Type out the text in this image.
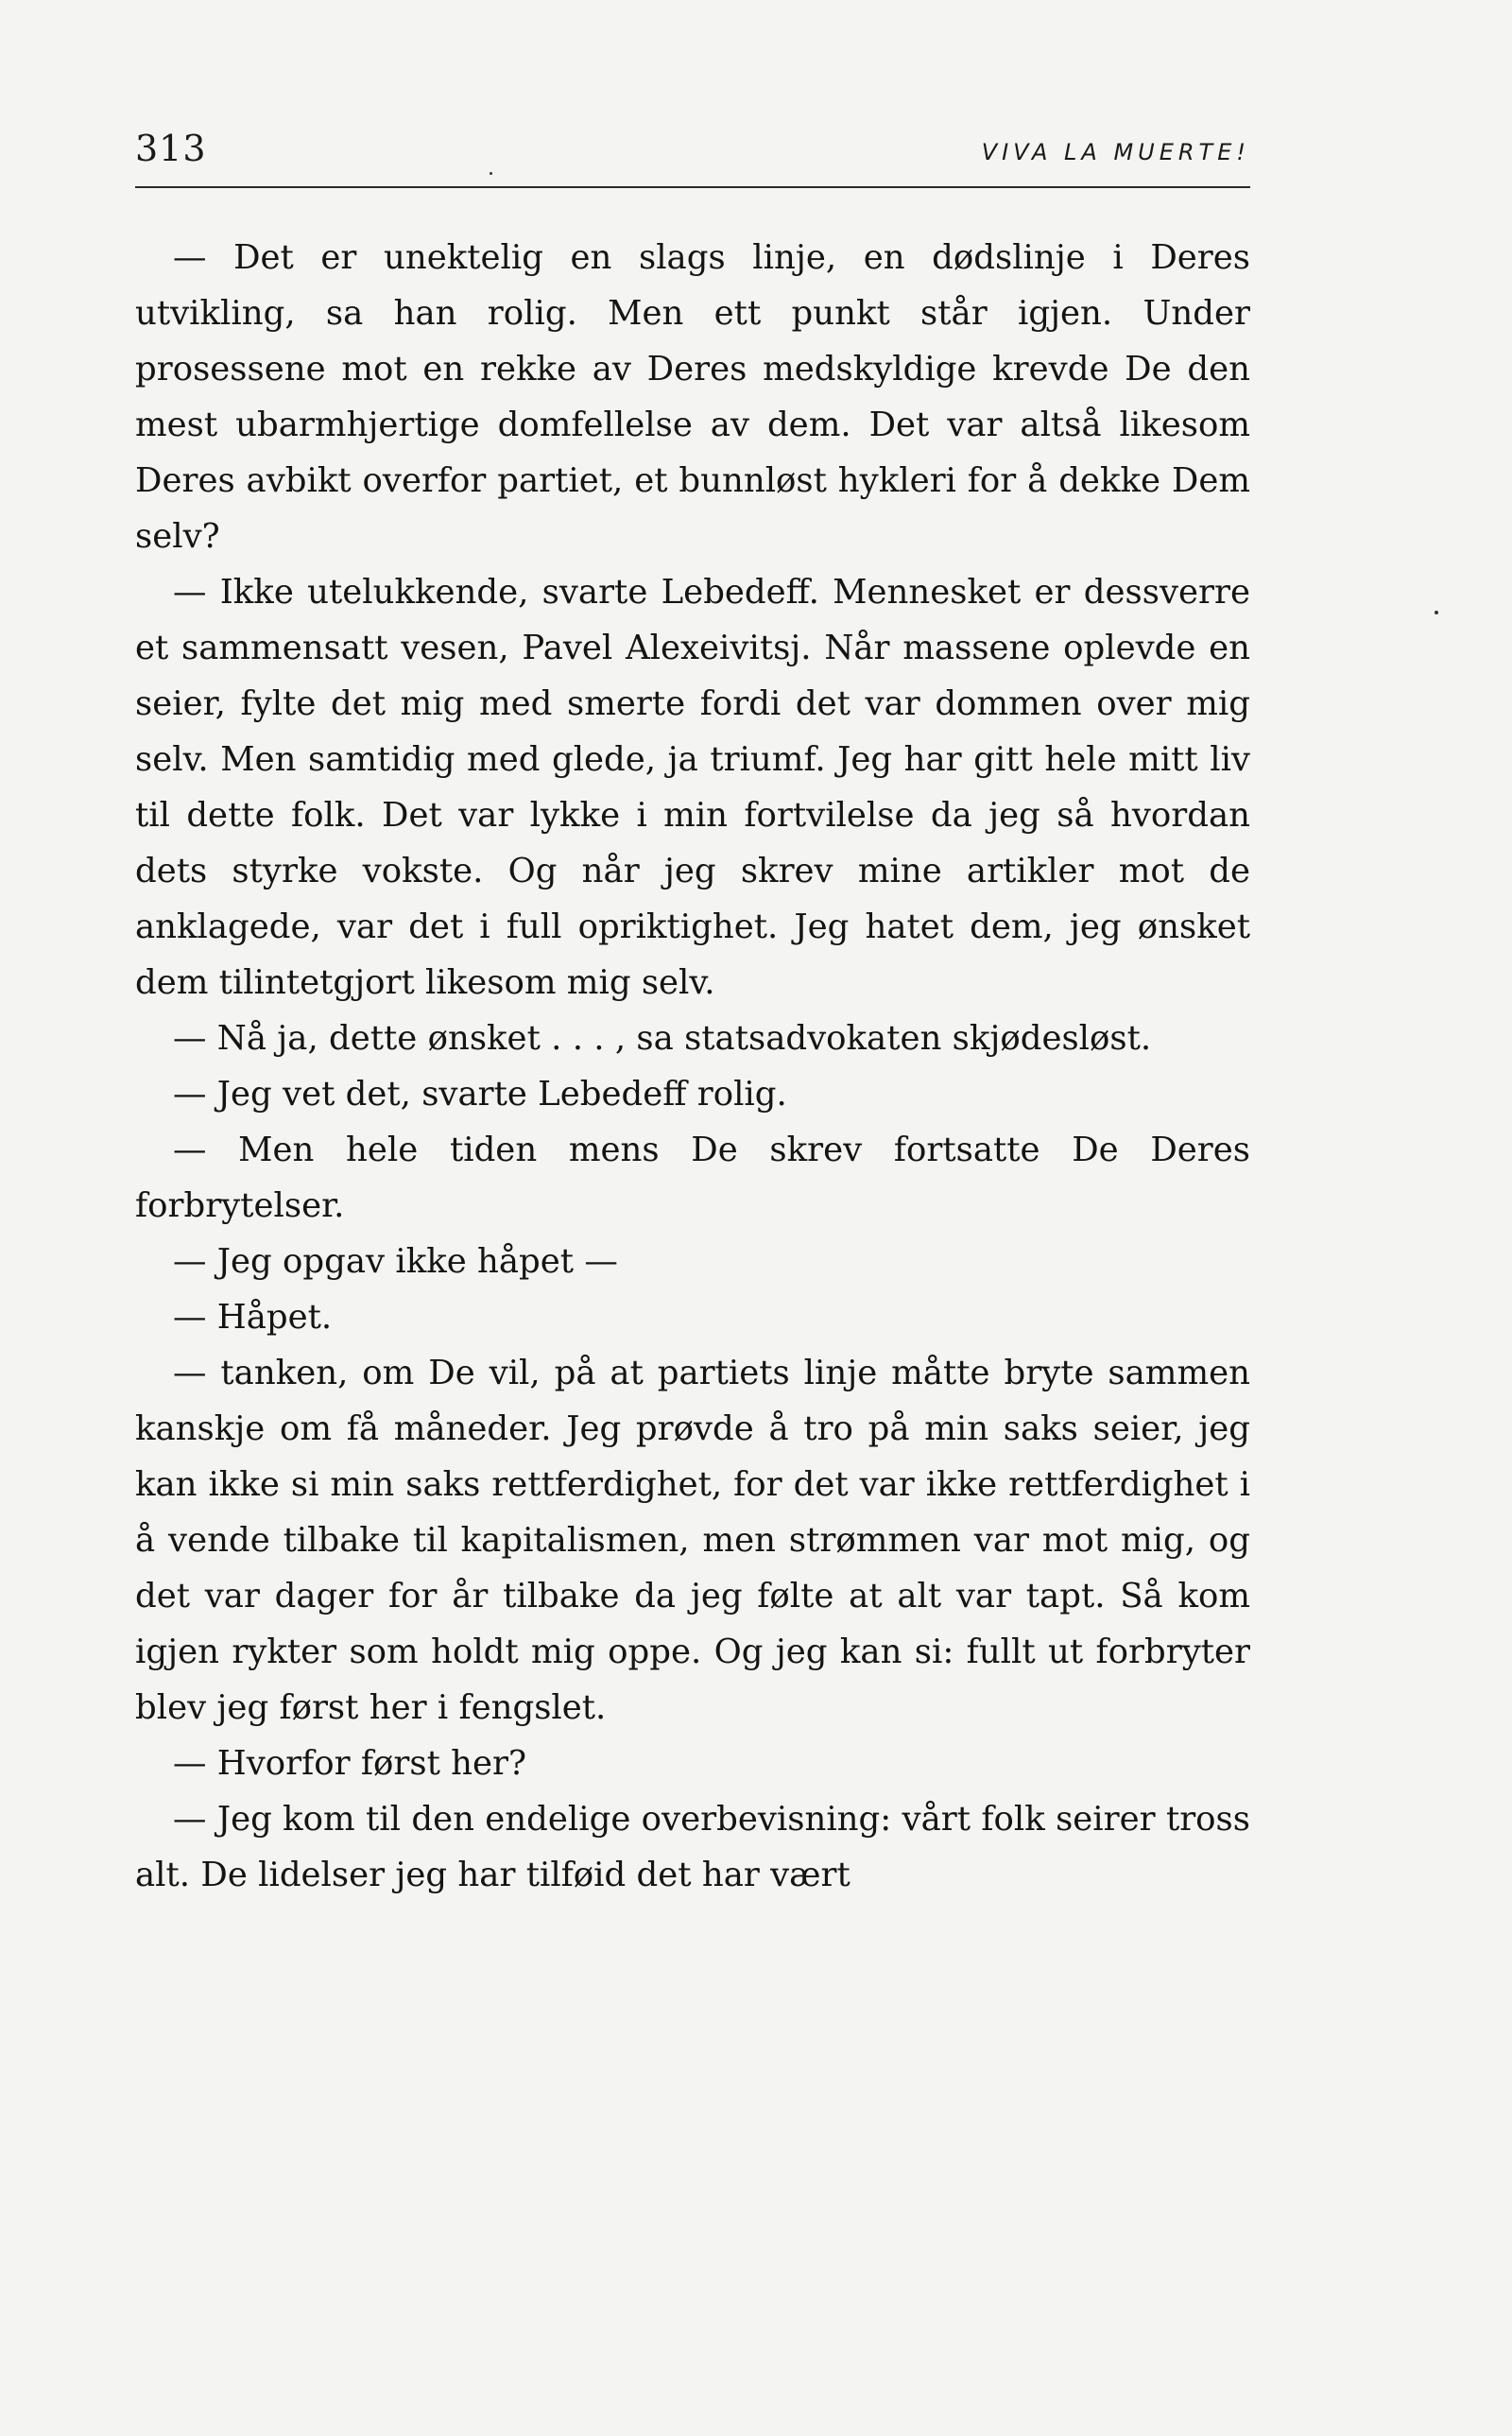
313	VIVA LA MUERTE!

— Det er unektelig en slags linje, en dødslinje i Deres utvikling, sa han rolig. Men ett punkt står igjen. Under prosessene mot en rekke av Deres medskyldige krevde De den mest ubarmhjertige domfellelse av dem. Det var altså likesom Deres avbikt overfor partiet, et bunnløst hykleri for å dekke Dem selv?

— Ikke utelukkende, svarte Lebedeff. Mennesket er dessverre et sammensatt vesen, Pavel Alexeivitsj. Når massene oplevde en seier, fylte det mig med smerte fordi det var dommen over mig selv. Men samtidig med glede, ja triumf. Jeg har gitt hele mitt liv til dette folk. Det var lykke i min fortvilelse da jeg så hvordan dets styrke vokste. Og når jeg skrev mine artikler mot de anklagede, var det i full opriktighet. Jeg hatet dem, jeg ønsket dem tilintetgjort likesom mig selv.

— Nå ja, dette ønsket . . . , sa statsadvokaten skjødesløst.

— Jeg vet det, svarte Lebedeff rolig.

— Men hele tiden mens De skrev fortsatte De Deres forbrytelser.

— Jeg opgav ikke håpet —

— Håpet.

— tanken, om De vil, på at partiets linje måtte bryte sammen kanskje om få måneder. Jeg prøvde å tro på min saks seier, jeg kan ikke si min saks rettferdighet, for det var ikke rettferdighet i å vende tilbake til kapitalismen, men strømmen var mot mig, og det var dager for år tilbake da jeg følte at alt var tapt. Så kom igjen rykter som holdt mig oppe. Og jeg kan si: fullt ut forbryter blev jeg først her i fengslet.

— Hvorfor først her?

— Jeg kom til den endelige overbevisning: vårt folk seirer tross alt. De lidelser jeg har tilføid det har vært
